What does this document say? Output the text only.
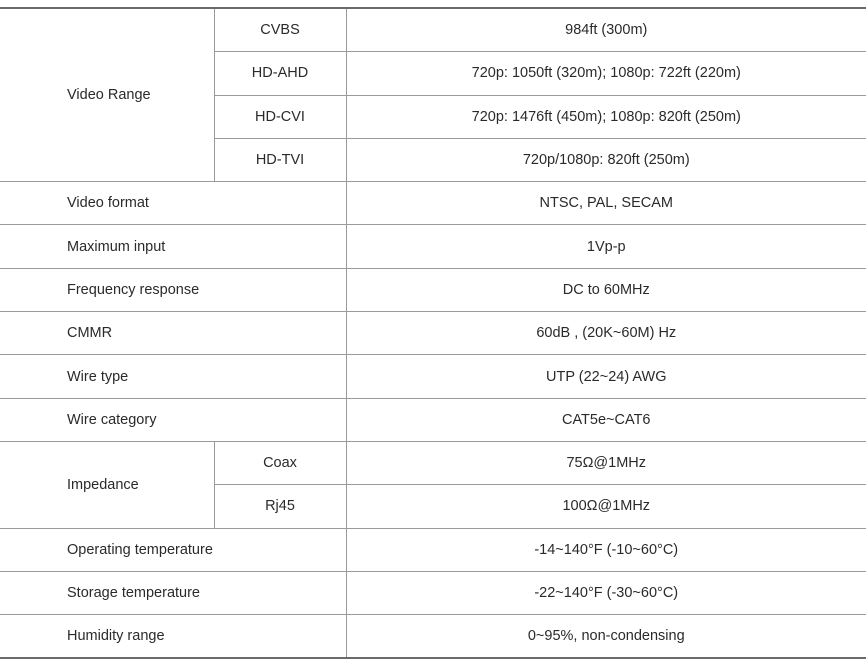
Video Range	CVBS	984ft (300m)
	HD-AHD	720p: 1050ft (320m); 1080p: 722ft (220m)
	HD-CVI	720p: 1476ft (450m); 1080p: 820ft (250m)
	HD-TVI	720p/1080p: 820ft (250m)
Video format		NTSC, PAL, SECAM
Maximum input		1Vp-p
Frequency response		DC to 60MHz
CMMR		60dB , (20K~60M) Hz
Wire type		UTP (22~24) AWG
Wire category		CAT5e~CAT6
Impedance	Coax	75Ω@1MHz
	Rj45	100Ω@1MHz
Operating temperature		-14~140°F (-10~60°C)
Storage temperature		-22~140°F (-30~60°C)
Humidity range		0~95%, non-condensing
